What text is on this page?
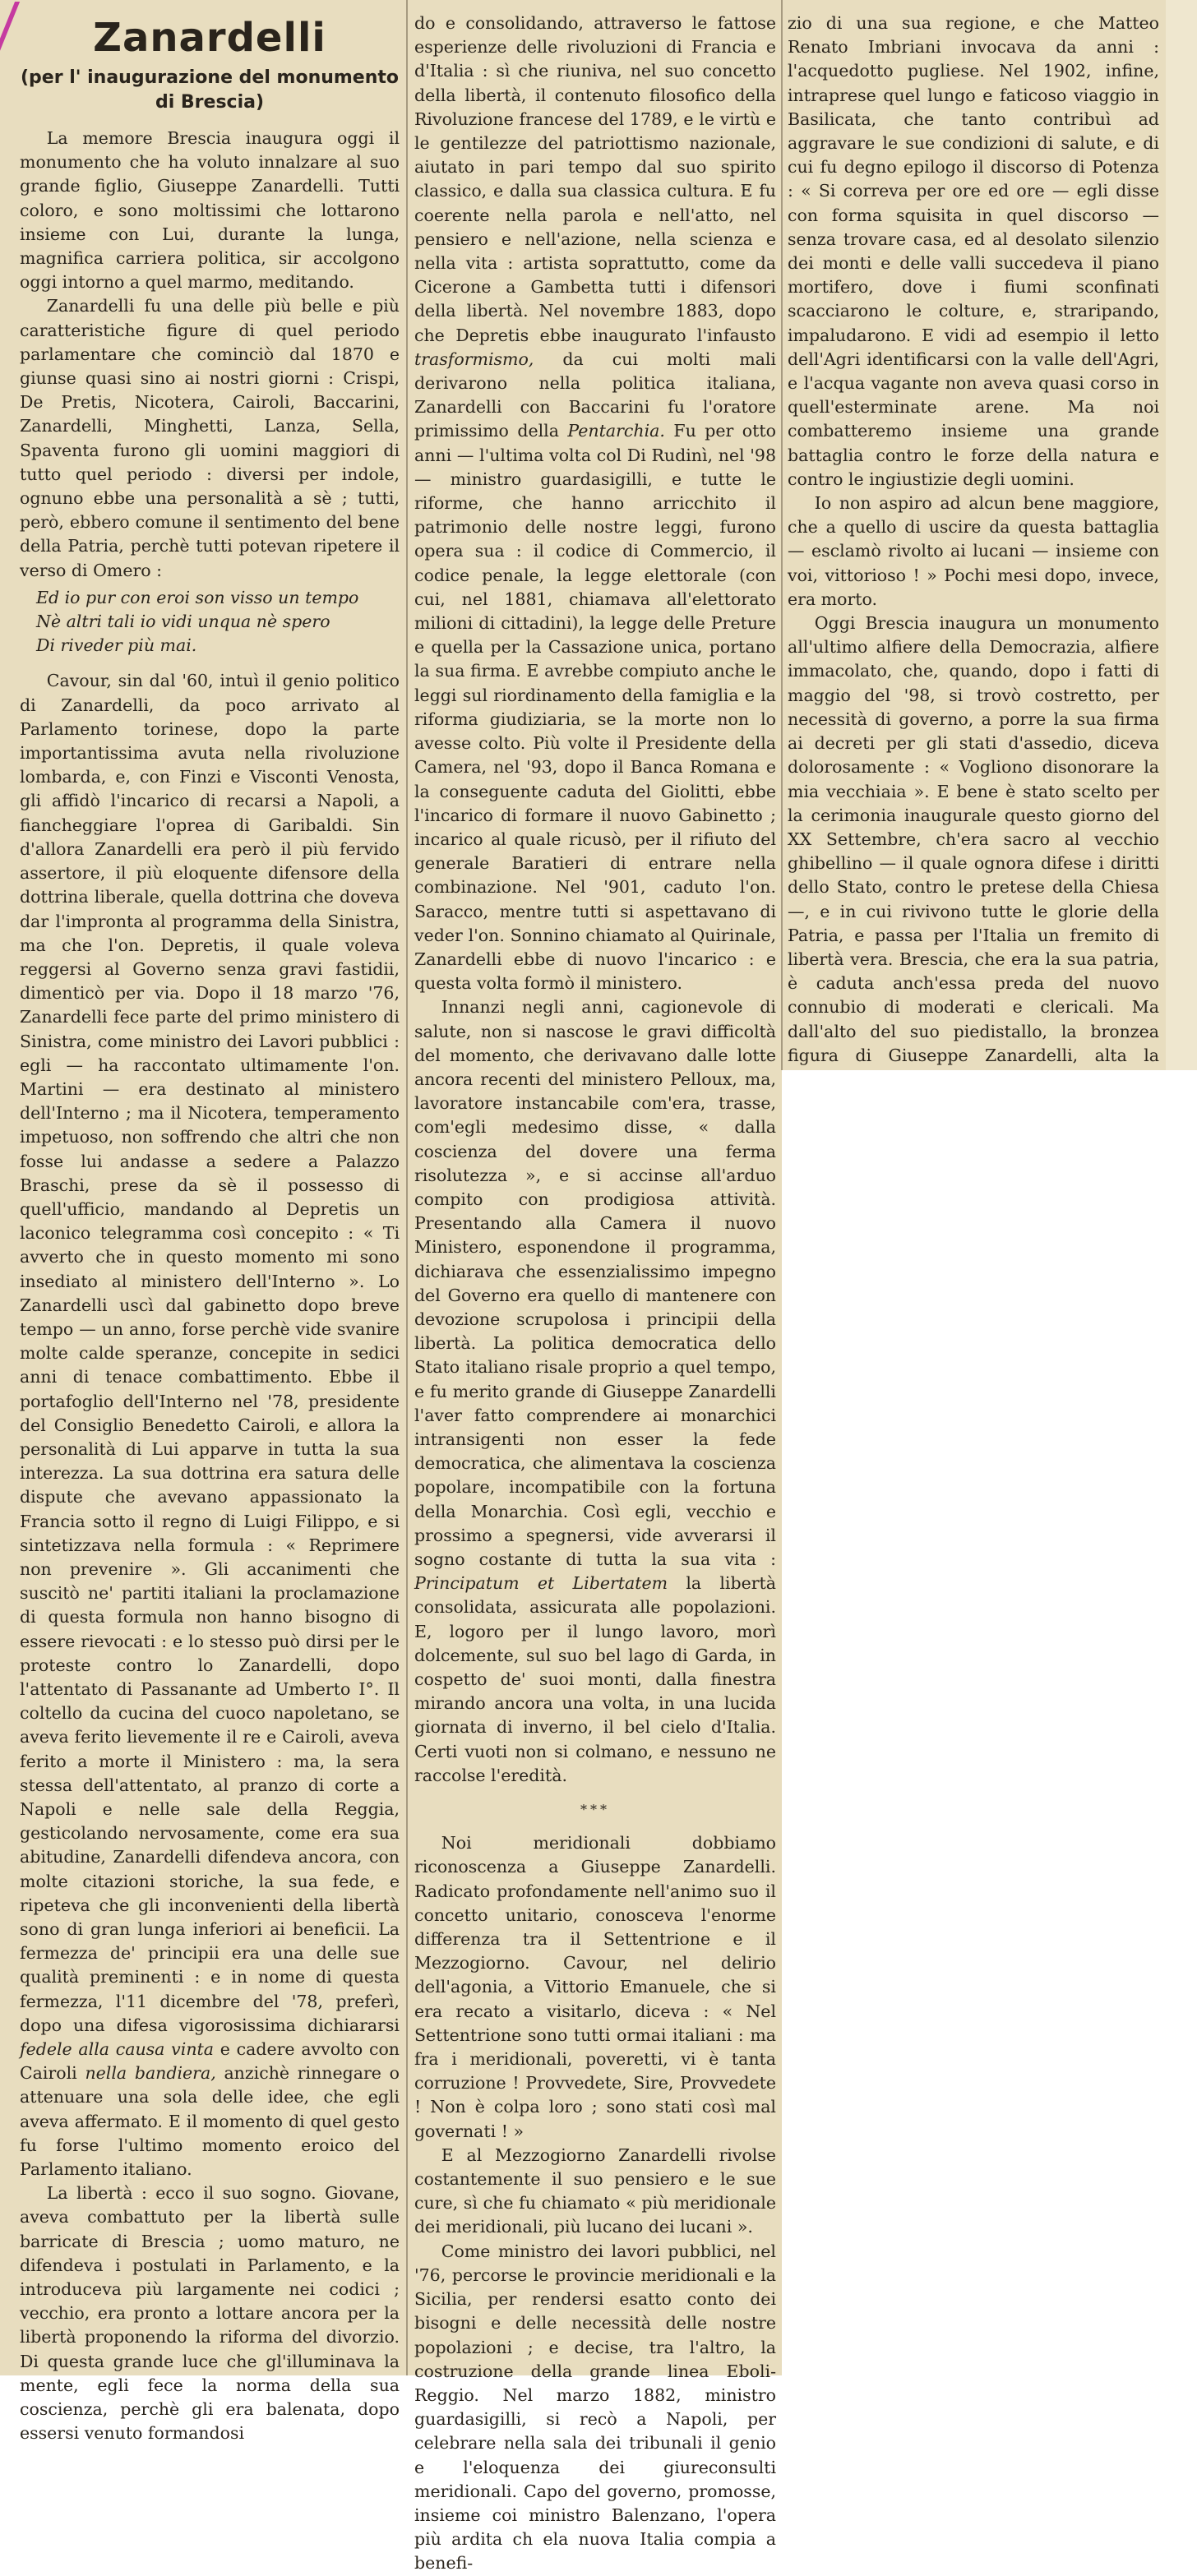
Zanardelli
(per l' inaugurazione del monumento di Brescia)

La memore Brescia inaugura oggi il monumento che ha voluto innalzare al suo grande figlio, Giuseppe Zanardelli. Tutti coloro, e sono moltissimi che lottarono insieme con Lui, durante la lunga, magnifica carriera politica, sir accolgono oggi intorno a quel marmo, meditando.

Zanardelli fu una delle più belle e più caratteristiche figure di quel periodo parlamentare che cominciò dal 1870 e giunse quasi sino ai nostri giorni : Crispi, De Pretis, Nicotera, Cairoli, Baccarini, Zanardelli, Minghetti, Lanza, Sella, Spaventa furono gli uomini maggiori di tutto quel periodo : diversi per indole, ognuno ebbe una personalità a sè ; tutti, però, ebbero comune il sentimento del bene della Patria, perchè tutti potevan ripetere il verso di Omero :

Ed io pur con eroi son visso un tempo
Nè altri tali io vidi unqua nè spero
Di riveder più mai.

Cavour, sin dal '60, intuì il genio politico di Zanardelli, da poco arrivato al Parlamento torinese, dopo la parte importantissima avuta nella rivoluzione lombarda, e, con Finzi e Visconti Venosta, gli affidò l'incarico di recarsi a Napoli, a fiancheggiare l'oprea di Garibaldi. Sin d'allora Zanardelli era però il più fervido assertore, il più eloquente difensore della dottrina liberale, quella dottrina che doveva dar l'impronta al programma della Sinistra, ma che l'on. Depretis, il quale voleva reggersi al Governo senza gravi fastidii, dimenticò per via. Dopo il 18 marzo '76, Zanardelli fece parte del primo ministero di Sinistra, come ministro dei Lavori pubblici : egli — ha raccontato ultimamente l'on. Martini — era destinato al ministero dell'Interno ; ma il Nicotera, temperamento impetuoso, non soffrendo che altri che non fosse lui andasse a sedere a Palazzo Braschi, prese da sè il possesso di quell'ufficio, mandando al Depretis un laconico telegramma così concepito : « Ti avverto che in questo momento mi sono insediato al ministero dell'Interno ». Lo Zanardelli uscì dal gabinetto dopo breve tempo — un anno, forse perchè vide svanire molte calde speranze, concepite in sedici anni di tenace combattimento. Ebbe il portafoglio dell'Interno nel '78, presidente del Consiglio Benedetto Cairoli, e allora la personalità di Lui apparve in tutta la sua interezza. La sua dottrina era satura delle dispute che avevano appassionato la Francia sotto il regno di Luigi Filippo, e si sintetizzava nella formula : « Reprimere non prevenire ». Gli accanimenti che suscitò ne' partiti italiani la proclamazione di questa formula non hanno bisogno di essere rievocati : e lo stesso può dirsi per le proteste contro lo Zanardelli, dopo l'attentato di Passanante ad Umberto I°. Il coltello da cucina del cuoco napoletano, se aveva ferito lievemente il re e Cairoli, aveva ferito a morte il Ministero : ma, la sera stessa dell'attentato, al pranzo di corte a Napoli e nelle sale della Reggia, gesticolando nervosamente, come era sua abitudine, Zanardelli difendeva ancora, con molte citazioni storiche, la sua fede, e ripeteva che gli inconvenienti della libertà sono di gran lunga inferiori ai beneficii. La fermezza de' principii era una delle sue qualità preminenti : e in nome di questa fermezza, l'11 dicembre del '78, preferì, dopo una difesa vigorosissima dichiararsi fedele alla causa vinta e cadere avvolto con Cairoli nella bandiera, anzichè rinnegare o attenuare una sola delle idee, che egli aveva affermato. E il momento di quel gesto fu forse l'ultimo momento eroico del Parlamento italiano.

La libertà : ecco il suo sogno. Giovane, aveva combattuto per la libertà sulle barricate di Brescia ; uomo maturo, ne difendeva i postulati in Parlamento, e la introduceva più largamente nei codici ; vecchio, era pronto a lottare ancora per la libertà proponendo la riforma del divorzio. Di questa grande luce che gl'illuminava la mente, egli fece la norma della sua coscienza, perchè gli era balenata, dopo essersi venuto formandosi

do e consolidando, attraverso le fattose esperienze delle rivoluzioni di Francia e d'Italia : sì che riuniva, nel suo concetto della libertà, il contenuto filosofico della Rivoluzione francese del 1789, e le virtù e le gentilezze del patriottismo nazionale, aiutato in pari tempo dal suo spirito classico, e dalla sua classica cultura. E fu coerente nella parola e nell'atto, nel pensiero e nell'azione, nella scienza e nella vita : artista soprattutto, come da Cicerone a Gambetta tutti i difensori della libertà. Nel novembre 1883, dopo che Depretis ebbe inaugurato l'infausto trasformismo, da cui molti mali derivarono nella politica italiana, Zanardelli con Baccarini fu l'oratore primissimo della Pentarchia. Fu per otto anni — l'ultima volta col Di Rudinì, nel '98 — ministro guardasigilli, e tutte le riforme, che hanno arricchito il patrimonio delle nostre leggi, furono opera sua : il codice di Commercio, il codice penale, la legge elettorale (con cui, nel 1881, chiamava all'elettorato milioni di cittadini), la legge delle Preture e quella per la Cassazione unica, portano la sua firma. E avrebbe compiuto anche le leggi sul riordinamento della famiglia e la riforma giudiziaria, se la morte non lo avesse colto. Più volte il Presidente della Camera, nel '93, dopo il Banca Romana e la conseguente caduta del Giolitti, ebbe l'incarico di formare il nuovo Gabinetto ; incarico al quale ricusò, per il rifiuto del generale Baratieri di entrare nella combinazione. Nel '901, caduto l'on. Saracco, mentre tutti si aspettavano di veder l'on. Sonnino chiamato al Quirinale, Zanardelli ebbe di nuovo l'incarico : e questa volta formò il ministero.

Innanzi negli anni, cagionevole di salute, non si nascose le gravi difficoltà del momento, che derivavano dalle lotte ancora recenti del ministero Pelloux, ma, lavoratore instancabile com'era, trasse, com'egli medesimo disse, « dalla coscienza del dovere una ferma risolutezza », e si accinse all'arduo compito con prodigiosa attività. Presentando alla Camera il nuovo Ministero, esponendone il programma, dichiarava che essenzialissimo impegno del Governo era quello di mantenere con devozione scrupolosa i principii della libertà. La politica democratica dello Stato italiano risale proprio a quel tempo, e fu merito grande di Giuseppe Zanardelli l'aver fatto comprendere ai monarchici intransigenti non esser la fede democratica, che alimentava la coscienza popolare, incompatibile con la fortuna della Monarchia. Così egli, vecchio e prossimo a spegnersi, vide avverarsi il sogno costante di tutta la sua vita : Principatum et Libertatem la libertà consolidata, assicurata alle popolazioni. E, logoro per il lungo lavoro, morì dolcemente, sul suo bel lago di Garda, in cospetto de' suoi monti, dalla finestra mirando ancora una volta, in una lucida giornata di inverno, il bel cielo d'Italia. Certi vuoti non si colmano, e nessuno ne raccolse l'eredità.

***

Noi meridionali dobbiamo riconoscenza a Giuseppe Zanardelli. Radicato profondamente nell'animo suo il concetto unitario, conosceva l'enorme differenza tra il Settentrione e il Mezzogiorno. Cavour, nel delirio dell'agonia, a Vittorio Emanuele, che si era recato a visitarlo, diceva : « Nel Settentrione sono tutti ormai italiani : ma fra i meridionali, poveretti, vi è tanta corruzione ! Provvedete, Sire, Provvedete ! Non è colpa loro ; sono stati così mal governati ! »

E al Mezzogiorno Zanardelli rivolse costantemente il suo pensiero e le sue cure, sì che fu chiamato « più meridionale dei meridionali, più lucano dei lucani ».

Come ministro dei lavori pubblici, nel '76, percorse le provincie meridionali e la Sicilia, per rendersi esatto conto dei bisogni e delle necessità delle nostre popolazioni ; e decise, tra l'altro, la costruzione della grande linea Eboli-Reggio. Nel marzo 1882, ministro guardasigilli, si recò a Napoli, per celebrare nella sala dei tribunali il genio e l'eloquenza dei giureconsulti meridionali. Capo del governo, promosse, insieme coi ministro Balenzano, l'opera più ardita ch ela nuova Italia compia a benefi-

zio di una sua regione, e che Matteo Renato Imbriani invocava da anni : l'acquedotto pugliese. Nel 1902, infine, intraprese quel lungo e faticoso viaggio in Basilicata, che tanto contribuì ad aggravare le sue condizioni di salute, e di cui fu degno epilogo il discorso di Potenza : « Si correva per ore ed ore — egli disse con forma squisita in quel discorso — senza trovare casa, ed al desolato silenzio dei monti e delle valli succedeva il piano mortifero, dove i fiumi sconfinati scacciarono le colture, e, straripando, impaludarono. E vidi ad esempio il letto dell'Agri identificarsi con la valle dell'Agri, e l'acqua vagante non aveva quasi corso in quell'esterminate arene. Ma noi combatteremo insieme una grande battaglia contro le forze della natura e contro le ingiustizie degli uomini.

Io non aspiro ad alcun bene maggiore, che a quello di uscire da questa battaglia — esclamò rivolto ai lucani — insieme con voi, vittorioso ! » Pochi mesi dopo, invece, era morto.

Oggi Brescia inaugura un monumento all'ultimo alfiere della Democrazia, alfiere immacolato, che, quando, dopo i fatti di maggio del '98, si trovò costretto, per necessità di governo, a porre la sua firma ai decreti per gli stati d'assedio, diceva dolorosamente : « Vogliono disonorare la mia vecchiaia ». E bene è stato scelto per la cerimonia inaugurale questo giorno del XX Settembre, ch'era sacro al vecchio ghibellino — il quale ognora difese i diritti dello Stato, contro le pretese della Chiesa —, e in cui rivivono tutte le glorie della Patria, e passa per l'Italia un fremito di libertà vera. Brescia, che era la sua patria, è caduta anch'essa preda del nuovo connubio di moderati e clericali. Ma dall'alto del suo piedistallo, la bronzea figura di Giuseppe Zanardelli, alta la
